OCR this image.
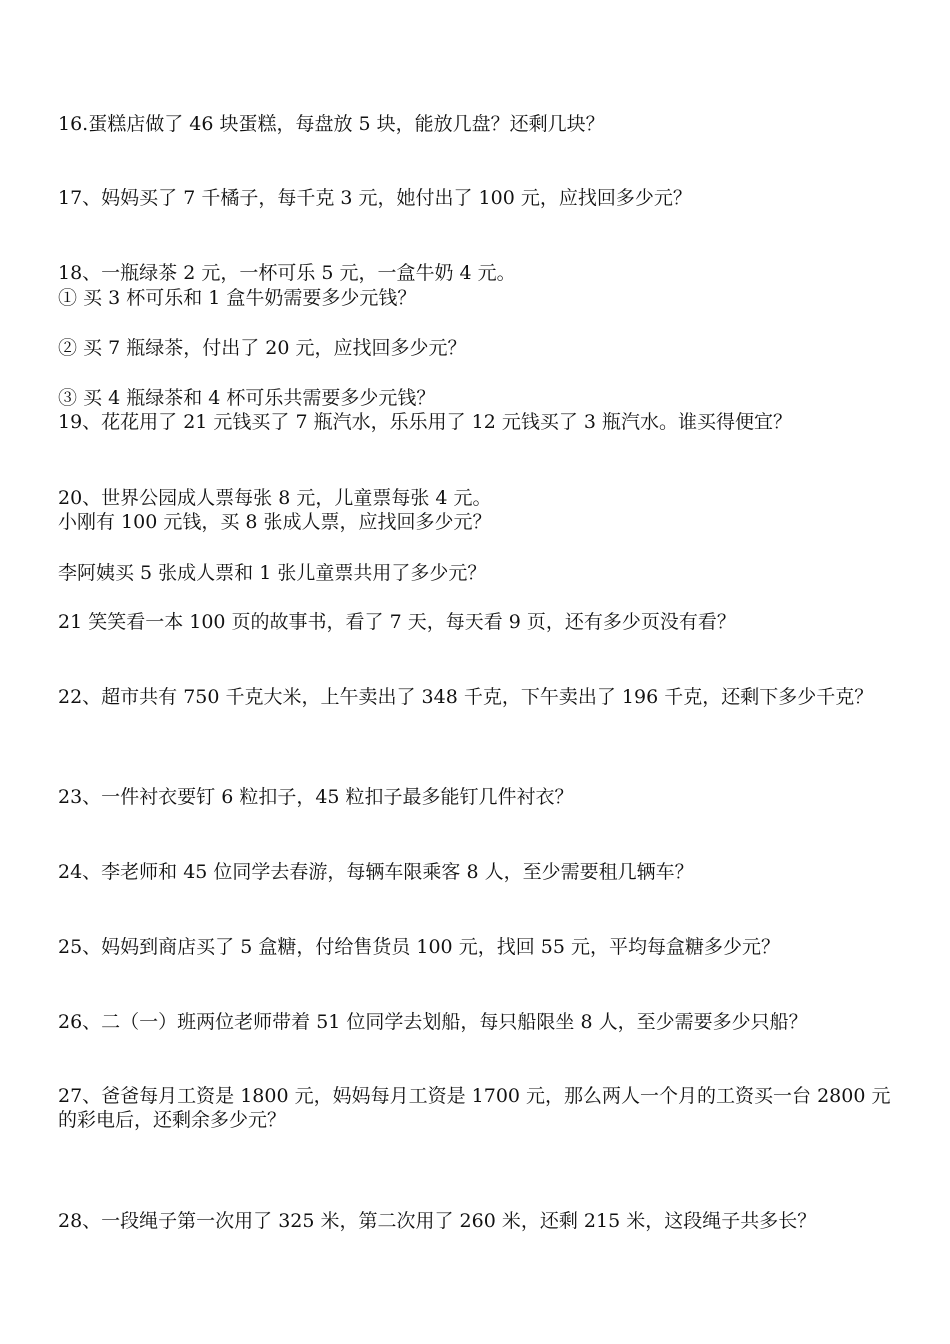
16.蛋糕店做了 46 块蛋糕，每盘放 5 块，能放几盘？还剩几块？
17、妈妈买了 7 千橘子，每千克 3 元，她付出了 100 元，应找回多少元？
18、一瓶绿茶 2 元，一杯可乐 5 元，一盒牛奶 4 元。
① 买 3 杯可乐和 1 盒牛奶需要多少元钱？
② 买 7 瓶绿茶，付出了 20 元，应找回多少元？
③ 买 4 瓶绿茶和 4 杯可乐共需要多少元钱？
19、花花用了 21 元钱买了 7 瓶汽水，乐乐用了 12 元钱买了 3 瓶汽水。谁买得便宜？
20、世界公园成人票每张 8 元，儿童票每张 4 元。
小刚有 100 元钱，买 8 张成人票，应找回多少元？
李阿姨买 5 张成人票和 1 张儿童票共用了多少元？
21 笑笑看一本 100 页的故事书，看了 7 天，每天看 9 页，还有多少页没有看？
22、超市共有 750 千克大米，上午卖出了 348 千克，下午卖出了 196 千克，还剩下多少千克？
23、一件衬衣要钉 6 粒扣子，45 粒扣子最多能钉几件衬衣？
24、李老师和 45 位同学去春游，每辆车限乘客 8 人，至少需要租几辆车？
25、妈妈到商店买了 5 盒糖，付给售货员 100 元，找回 55 元，平均每盒糖多少元？
26、二（一）班两位老师带着 51 位同学去划船，每只船限坐 8 人，至少需要多少只船？
27、爸爸每月工资是 1800 元，妈妈每月工资是 1700 元，那么两人一个月的工资买一台 2800 元的彩电后，还剩余多少元？
28、一段绳子第一次用了 325 米，第二次用了 260 米，还剩 215 米，这段绳子共多长？
